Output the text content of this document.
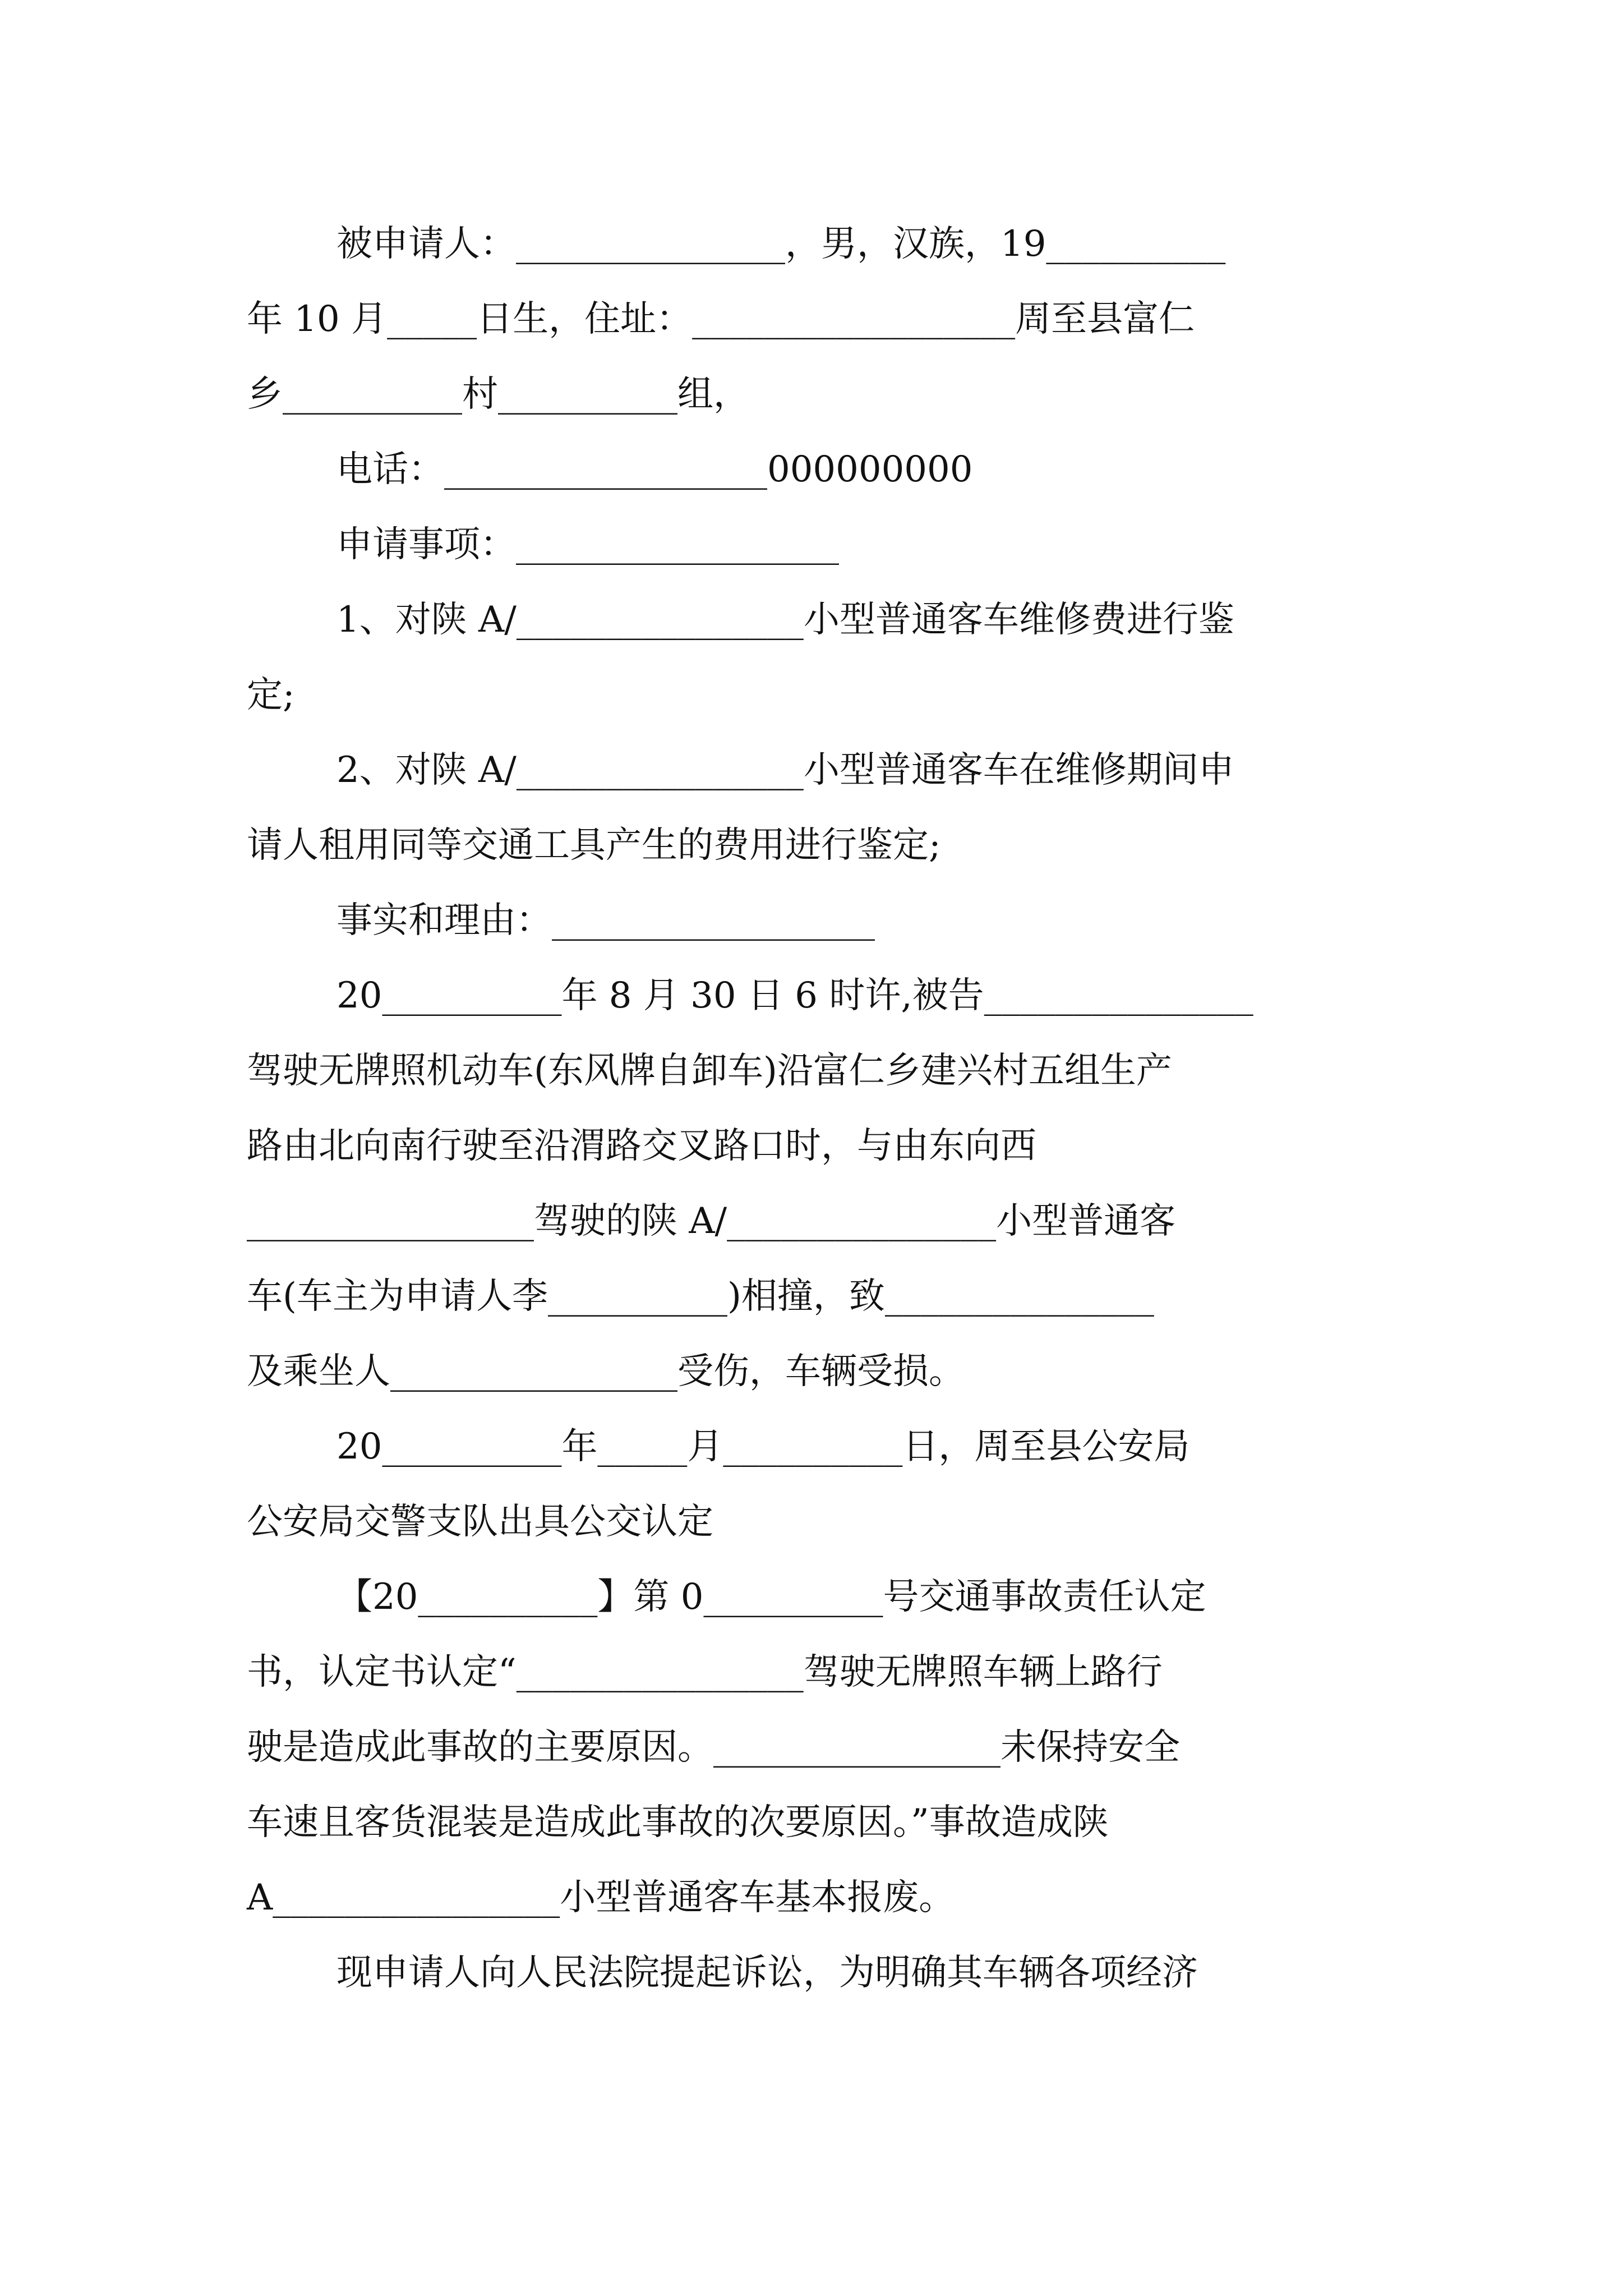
被申请人：_______________，男，汉族，19__________
年 10 月_____日生，住址：__________________周至县富仁
乡__________村__________组，
电话：__________________000000000
申请事项：__________________
1、对陕 A/________________小型普通客车维修费进行鉴
定;
2、对陕 A/________________小型普通客车在维修期间申
请人租用同等交通工具产生的费用进行鉴定;
事实和理由：__________________
20__________年 8 月 30 日 6 时许,被告_______________
驾驶无牌照机动车(东风牌自卸车)沿富仁乡建兴村五组生产
路由北向南行驶至沿渭路交叉路口时，与由东向西
________________驾驶的陕 A/_______________小型普通客
车(车主为申请人李__________)相撞，致_______________
及乘坐人________________受伤，车辆受损。
20__________年_____月__________日，周至县公安局
公安局交警支队出具公交认定
【20__________】第 0__________号交通事故责任认定
书，认定书认定“________________驾驶无牌照车辆上路行
驶是造成此事故的主要原因。________________未保持安全
车速且客货混装是造成此事故的次要原因。”事故造成陕
A________________小型普通客车基本报废。
现申请人向人民法院提起诉讼，为明确其车辆各项经济
